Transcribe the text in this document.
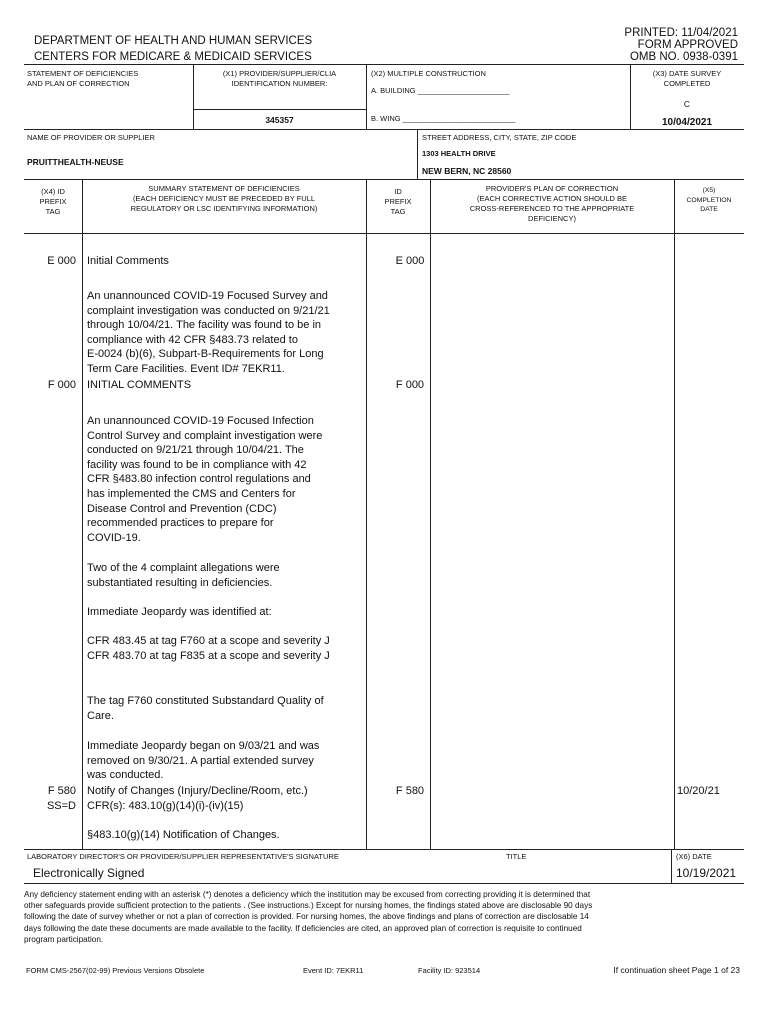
PRINTED: 11/04/2021
FORM APPROVED
OMB NO. 0938-0391
DEPARTMENT OF HEALTH AND HUMAN SERVICES
CENTERS FOR MEDICARE & MEDICAID SERVICES
STATEMENT OF DEFICIENCIES
AND PLAN OF CORRECTION
(X1) PROVIDER/SUPPLIER/CLIA
IDENTIFICATION NUMBER:
345357
(X2) MULTIPLE CONSTRUCTION
A. BUILDING ______________________
B. WING ___________________________
(X3) DATE SURVEY
COMPLETED
C
10/04/2021
NAME OF PROVIDER OR SUPPLIER
PRUITTHEALTH-NEUSE
STREET ADDRESS, CITY, STATE, ZIP CODE
1303 HEALTH DRIVE
NEW BERN, NC 28560
(X4) ID
PREFIX
TAG
SUMMARY STATEMENT OF DEFICIENCIES
(EACH DEFICIENCY MUST BE PRECEDED BY FULL
REGULATORY OR LSC IDENTIFYING INFORMATION)
ID
PREFIX
TAG
PROVIDER'S PLAN OF CORRECTION
(EACH CORRECTIVE ACTION SHOULD BE
CROSS-REFERENCED TO THE APPROPRIATE
DEFICIENCY)
(X5)
COMPLETION
DATE
E 000 Initial Comments	E 000
An unannounced COVID-19 Focused Survey and
complaint investigation was conducted on 9/21/21
through 10/04/21. The facility was found to be in
compliance with 42 CFR §483.73 related to
E-0024 (b)(6), Subpart-B-Requirements for Long
Term Care Facilities. Event ID# 7EKR11.
F 000 INITIAL COMMENTS	F 000
An unannounced COVID-19 Focused Infection
Control Survey and complaint investigation were
conducted on 9/21/21 through 10/04/21. The
facility was found to be in compliance with 42
CFR §483.80 infection control regulations and
has implemented the CMS and Centers for
Disease Control and Prevention (CDC)
recommended practices to prepare for
COVID-19.
Two of the 4 complaint allegations were
substantiated resulting in deficiencies.
Immediate Jeopardy was identified at:
CFR 483.45 at tag F760 at a scope and severity J
CFR 483.70 at tag F835 at a scope and severity J
The tag F760 constituted Substandard Quality of
Care.
Immediate Jeopardy began on 9/03/21 and was
removed on 9/30/21. A partial extended survey
was conducted.
F 580
SS=D
Notify of Changes (Injury/Decline/Room, etc.)
CFR(s): 483.10(g)(14)(i)-(iv)(15)
F 580	10/20/21
§483.10(g)(14) Notification of Changes.
LABORATORY DIRECTOR'S OR PROVIDER/SUPPLIER REPRESENTATIVE'S SIGNATURE	TITLE	(X6) DATE
Electronically Signed	10/19/2021
Any deficiency statement ending with an asterisk (*) denotes a deficiency which the institution may be excused from correcting providing it is determined that
other safeguards provide sufficient protection to the patients . (See instructions.) Except for nursing homes, the findings stated above are disclosable 90 days
following the date of survey whether or not a plan of correction is provided. For nursing homes, the above findings and plans of correction are disclosable 14
days following the date these documents are made available to the facility. If deficiencies are cited, an approved plan of correction is requisite to continued
program participation.
FORM CMS-2567(02-99) Previous Versions Obsolete	Event ID: 7EKR11	Facility ID: 923514	If continuation sheet Page 1 of 23
